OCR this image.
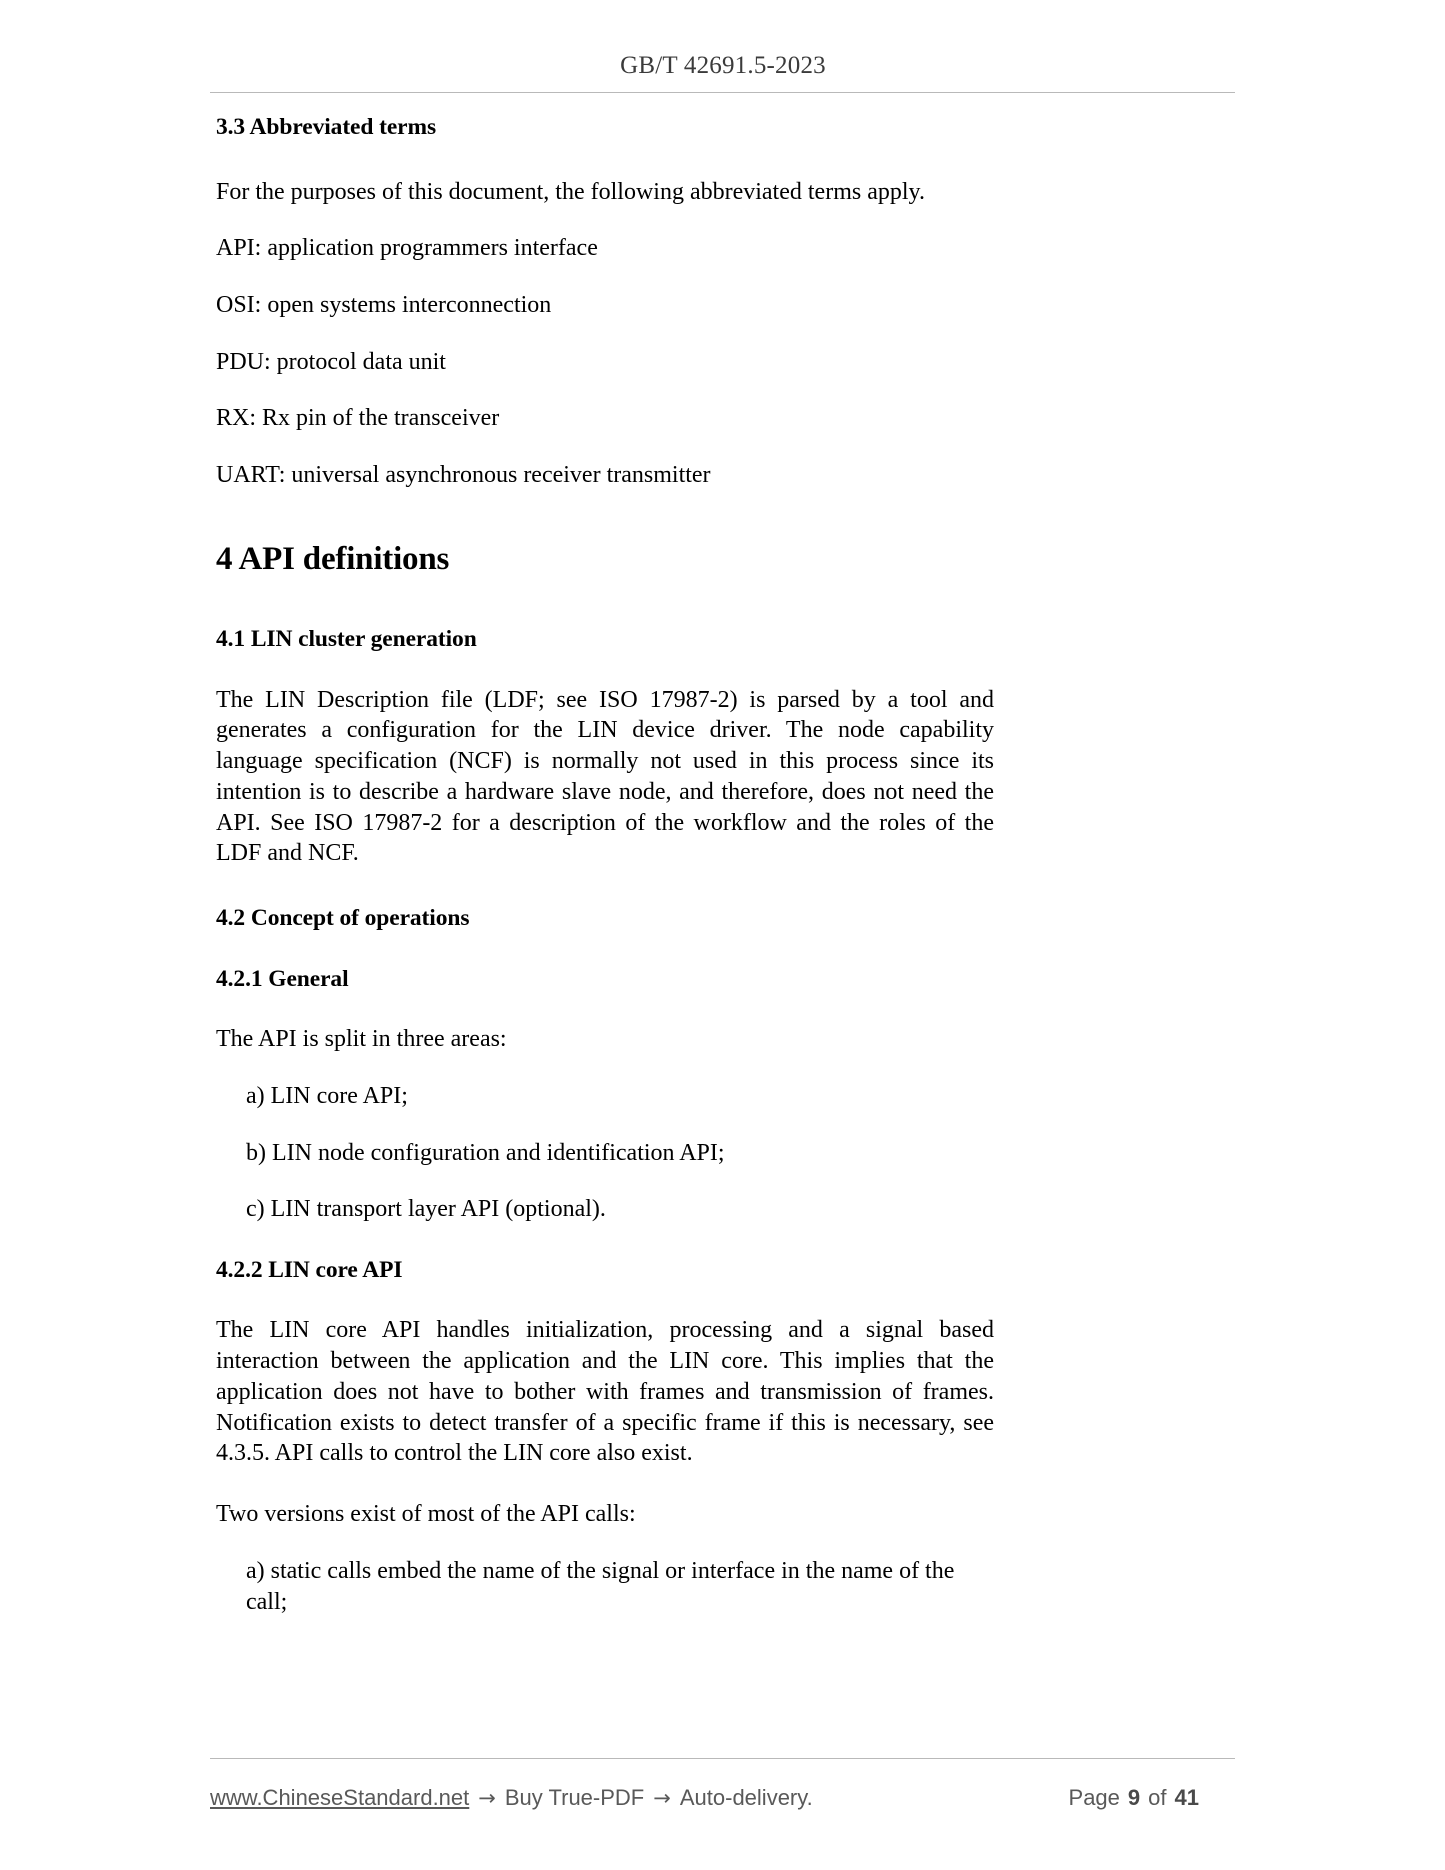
GB/T 42691.5-2023
3.3 Abbreviated terms

For the purposes of this document, the following abbreviated terms apply.

API: application programmers interface

OSI: open systems interconnection

PDU: protocol data unit

RX: Rx pin of the transceiver

UART: universal asynchronous receiver transmitter

4 API definitions
4.1 LIN cluster generation

The LIN Description file (LDF; see ISO 17987-2) is parsed by a tool and generates a configuration for the LIN device driver. The node capability language specification (NCF) is normally not used in this process since its intention is to describe a hardware slave node, and therefore, does not need the API. See ISO 17987-2 for a description of the workflow and the roles of the LDF and NCF.

4.2 Concept of operations
4.2.1 General

The API is split in three areas:

a) LIN core API;

b) LIN node configuration and identification API;

c) LIN transport layer API (optional).

4.2.2 LIN core API

The LIN core API handles initialization, processing and a signal based interaction between the application and the LIN core. This implies that the application does not have to bother with frames and transmission of frames. Notification exists to detect transfer of a specific frame if this is necessary, see 4.3.5. API calls to control the LIN core also exist.

Two versions exist of most of the API calls:

a) static calls embed the name of the signal or interface in the name of the call;

www.ChineseStandard.net → Buy True-PDF → Auto-delivery.	Page 9 of 41
